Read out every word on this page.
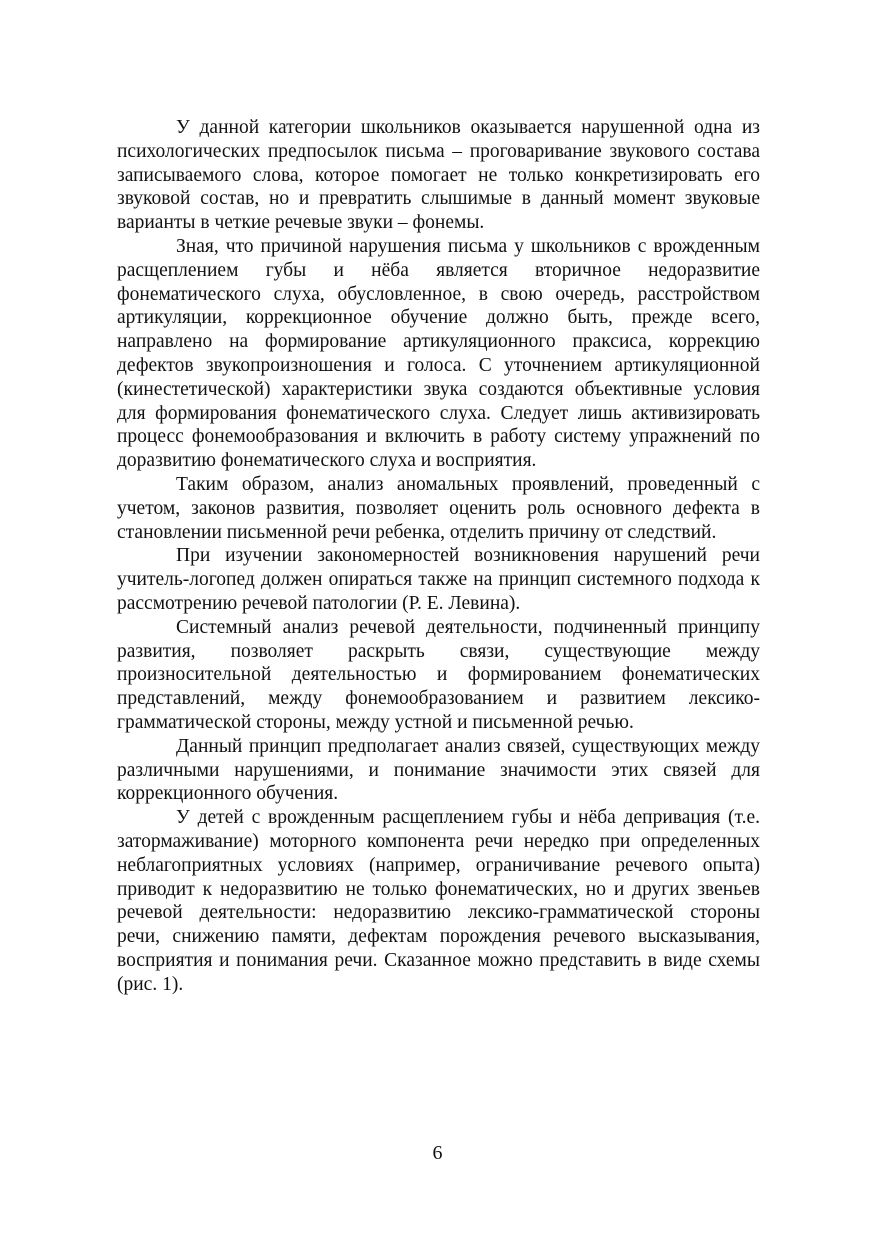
У данной категории школьников оказывается нарушенной одна из психологических предпосылок письма – проговаривание звукового состава записываемого слова, которое помогает не только конкретизировать его звуковой состав, но и превратить слышимые в данный момент звуковые варианты в четкие речевые звуки – фонемы.

Зная, что причиной нарушения письма у школьников с врожденным расщеплением губы и нёба является вторичное недоразвитие фонематического слуха, обусловленное, в свою очередь, расстройством артикуляции, коррекционное обучение должно быть, прежде всего, направлено на формирование артикуляционного праксиса, коррекцию дефектов звукопроизношения и голоса. С уточнением артикуляционной (кинестетической) характеристики звука создаются объективные условия для формирования фонематического слуха. Следует лишь активизировать процесс фонемообразования и включить в работу систему упражнений по доразвитию фонематического слуха и восприятия.

Таким образом, анализ аномальных проявлений, проведенный с учетом, законов развития, позволяет оценить роль основного дефекта в становлении письменной речи ребенка, отделить причину от следствий.

При изучении закономерностей возникновения нарушений речи учитель-логопед должен опираться также на принцип системного подхода к рассмотрению речевой патологии (Р. Е. Левина).

Системный анализ речевой деятельности, подчиненный принципу развития, позволяет раскрыть связи, существующие между произносительной деятельностью и формированием фонематических представлений, между фонемообразованием и развитием лексико-грамматической стороны, между устной и письменной речью.

Данный принцип предполагает анализ связей, существующих между различными нарушениями, и понимание значимости этих связей для коррекционного обучения.

У детей с врожденным расщеплением губы и нёба депривация (т.е. затормаживание) моторного компонента речи нередко при определенных неблагоприятных условиях (например, ограничивание речевого опыта) приводит к недоразвитию не только фонематических, но и других звеньев речевой деятельности: недоразвитию лексико-грамматической стороны речи, снижению памяти, дефектам порождения речевого высказывания, восприятия и понимания речи. Сказанное можно представить в виде схемы (рис. 1).

6
